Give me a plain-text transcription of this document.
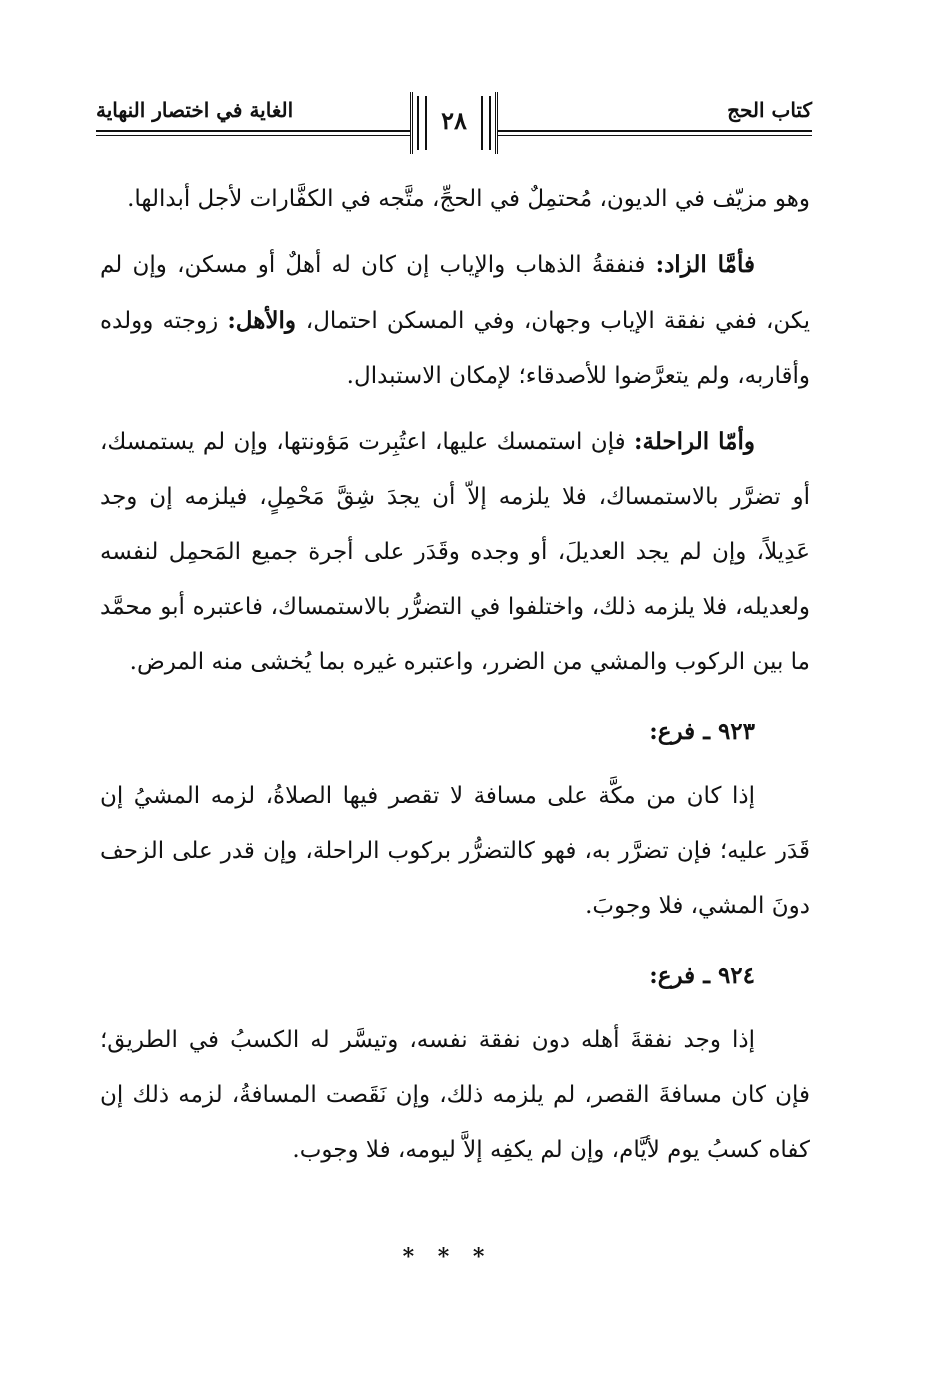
كتاب الحج
الغاية في اختصار النهاية	٢٨

وهو مزيّف في الديون، مُحتمِلٌ في الحجِّ، متَّجه في الكفَّارات لأجل أبدالها.

فأمَّا الزاد: فنفقةُ الذهاب والإياب إن كان له أهلٌ أو مسكن، وإن لم يكن، ففي نفقة الإياب وجهان، وفي المسكن احتمال، والأهل: زوجته وولده وأقاربه، ولم يتعرَّضوا للأصدقاء؛ لإمكان الاستبدال.

وأمّا الراحلة: فإن استمسك عليها، اعتُبِرت مَؤونتها، وإن لم يستمسك، أو تضرَّر بالاستمساك، فلا يلزمه إلاّ أن يجدَ شِقَّ مَحْمِلٍ، فيلزمه إن وجد عَدِيلاً، وإن لم يجد العديلَ، أو وجده وقَدَر على أجرة جميع المَحمِل لنفسه ولعديله، فلا يلزمه ذلك، واختلفوا في التضرُّر بالاستمساك، فاعتبره أبو محمَّد ما بين الركوب والمشي من الضرر، واعتبره غيره بما يُخشى منه المرض.

٩٢٣ ـ فرع:

إذا كان من مكَّة على مسافة لا تقصر فيها الصلاةُ، لزمه المشيُ إن قَدَر عليه؛ فإن تضرَّر به، فهو كالتضرُّر بركوب الراحلة، وإن قدر على الزحف دونَ المشي، فلا وجوبَ.

٩٢٤ ـ فرع:

إذا وجد نفقةَ أهله دون نفقة نفسه، وتيسَّر له الكسبُ في الطريق؛ فإن كان مسافةَ القصر، لم يلزمه ذلك، وإن نَقَصت المسافةُ، لزمه ذلك إن كفاه كسبُ يوم لأيَّام، وإن لم يكفِه إلاَّ ليومه، فلا وجوب.

* * *
